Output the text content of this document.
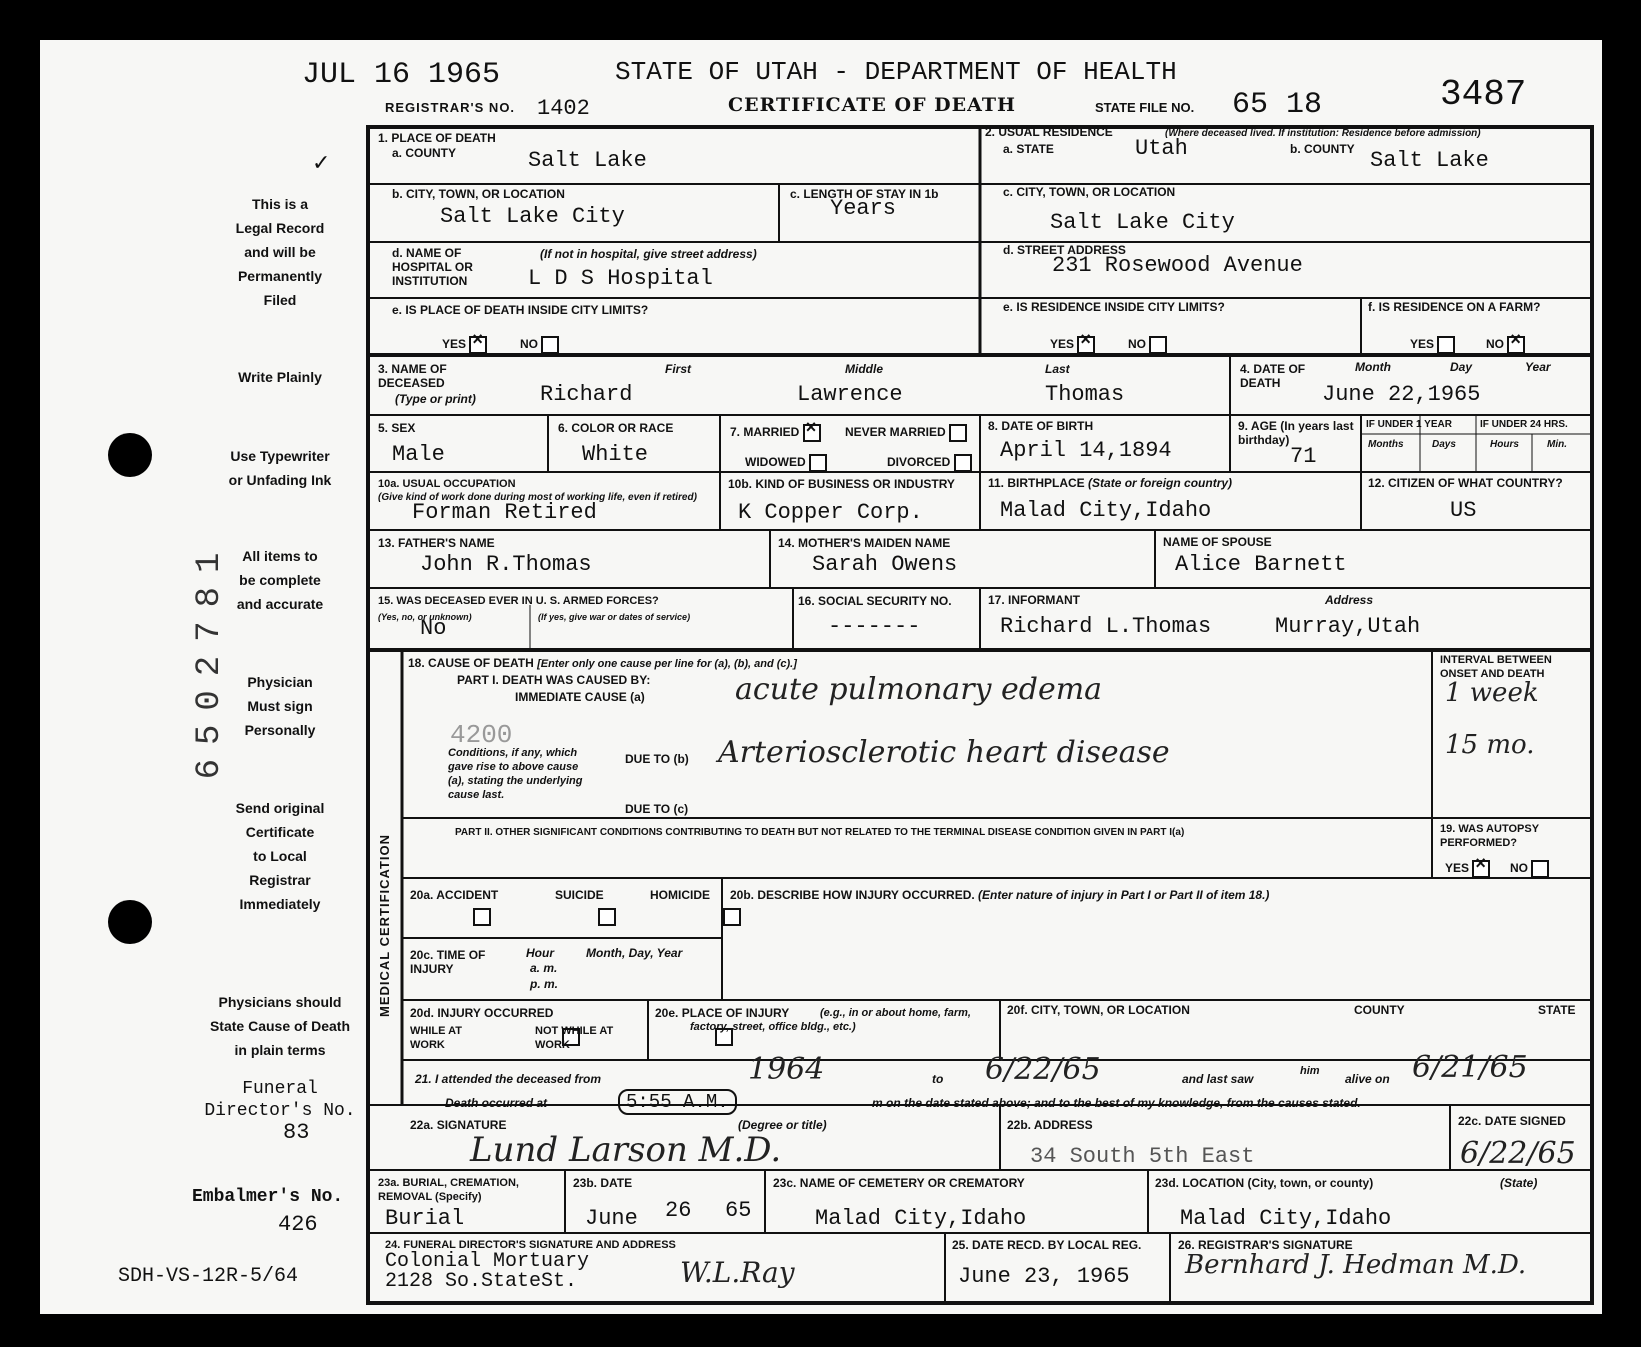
JUL 16 1965	STATE OF UTAH - DEPARTMENT OF HEALTH
REGISTRAR'S NO. 1402	CERTIFICATE OF DEATH	STATE FILE NO. 65 18	3487
✓
This is a
Legal Record
and will be
Permanently
Filed
Write Plainly
Use Typewriter
or Unfading Ink
All items to
be complete
and accurate
Physician
Must sign
Personally
Send original
Certificate
to Local
Registrar
Immediately
Physicians should
State Cause of Death
in plain terms
Funeral
Director's No.
83
Embalmer's No.
426
SDH-VS-12R-5/64
6502781
1. PLACE OF DEATH
a. COUNTY	Salt Lake
2. USUAL RESIDENCE	(Where deceased lived. If institution: Residence before admission)
a. STATE	Utah	b. COUNTY Salt Lake
b. CITY, TOWN, OR LOCATION
Salt Lake City
c. LENGTH OF STAY IN 1b
Years
c. CITY, TOWN, OR LOCATION
Salt Lake City
d. NAME OF HOSPITAL OR INSTITUTION
(If not in hospital, give street address)
L D S Hospital
d. STREET ADDRESS
231 Rosewood Avenue
e. IS PLACE OF DEATH INSIDE CITY LIMITS?
YES ×	NO
e. IS RESIDENCE INSIDE CITY LIMITS?
YES ×	NO
f. IS RESIDENCE ON A FARM?
YES	NO ×
3. NAME OF DECEASED
(Type or print)
First	Middle	Last
Richard	Lawrence	Thomas
4. DATE OF DEATH
Month	Day	Year
June 22,1965
5. SEX
Male
6. COLOR OR RACE
White
7. MARRIED ×	NEVER MARRIED
WIDOWED	DIVORCED
8. DATE OF BIRTH
April 14,1894
9. AGE (In years last birthday)
71
IF UNDER 1 YEAR	IF UNDER 24 HRS.
Months	Days	Hours	Min.
10a. USUAL OCCUPATION
(Give kind of work done during most of working life, even if retired)
Forman Retired
10b. KIND OF BUSINESS OR INDUSTRY
K Copper Corp.
11. BIRTHPLACE (State or foreign country)
Malad City,Idaho
12. CITIZEN OF WHAT COUNTRY?
US
13. FATHER'S NAME
John R.Thomas
14. MOTHER'S MAIDEN NAME
Sarah Owens
NAME OF SPOUSE
Alice Barnett
15. WAS DECEASED EVER IN U. S. ARMED FORCES?
(Yes, no, or unknown)	(If yes, give war or dates of service)
No
16. SOCIAL SECURITY NO.
-------
17. INFORMANT	Address
Richard L.Thomas	Murray,Utah
MEDICAL CERTIFICATION
18. CAUSE OF DEATH [Enter only one cause per line for (a), (b), and (c).]
PART I. DEATH WAS CAUSED BY:
IMMEDIATE CAUSE (a)	acute pulmonary edema
INTERVAL BETWEEN ONSET AND DEATH
1 week
15 mo.
4200
Conditions, if any, which gave rise to above cause (a), stating the underlying cause last.
DUE TO (b) Arteriosclerotic heart disease
DUE TO (c)
PART II. OTHER SIGNIFICANT CONDITIONS CONTRIBUTING TO DEATH BUT NOT RELATED TO THE TERMINAL DISEASE CONDITION GIVEN IN PART I(a)	19. WAS AUTOPSY PERFORMED?
YES ×	NO
20a. ACCIDENT	SUICIDE	HOMICIDE
20b. DESCRIBE HOW INJURY OCCURRED. (Enter nature of injury in Part I or Part II of item 18.)
20c. TIME OF INJURY
Hour
a. m.
p. m.
Month, Day, Year
20d. INJURY OCCURRED
WHILE AT WORK

NOT WHILE AT WORK
20e. PLACE OF INJURY	(e.g., in or about home, farm, factory, street, office bldg., etc.)
20f. CITY, TOWN, OR LOCATION	COUNTY	STATE
21. I attended the deceased from	1964	to 6/22/65	and last saw
him
alive on 6/21/65
Death occurred at	5:55 A.M.	m on the date stated above; and to the best of my knowledge, from the causes stated.
22a. SIGNATURE	(Degree or title)
Lund Larson M.D.
22b. ADDRESS
34 South 5th East
22c. DATE SIGNED
6/22/65
23a. BURIAL, CREMATION, REMOVAL (Specify)
Burial
23b. DATE
June 26 65
23c. NAME OF CEMETERY OR CREMATORY
Malad City,Idaho
23d. LOCATION (City, town, or county)	(State)
Malad City,Idaho
24. FUNERAL DIRECTOR'S SIGNATURE AND ADDRESS
Colonial Mortuary
2128 So.StateSt.	W.L.Ray
25. DATE RECD. BY LOCAL REG.
June 23, 1965
26. REGISTRAR'S SIGNATURE
Bernhard J. Hedman M.D.
